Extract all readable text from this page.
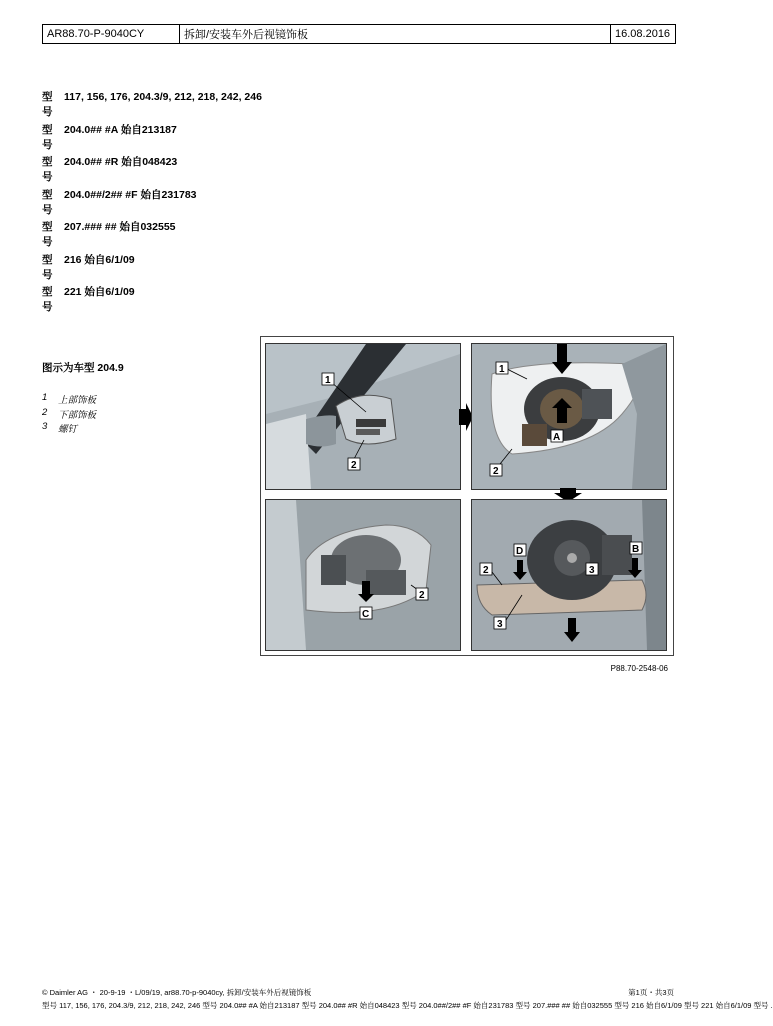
AR88.70-P-9040CY	拆卸/安装车外后视镜饰板	16.08.2016
型号
117, 156, 176, 204.3/9, 212, 218, 242, 246
型号
204.0## #A 始自213187
型号
204.0## #R 始自048423
型号
204.0##/2## #F 始自231783
型号
207.### ## 始自032555
型号
216 始自6/1/09
型号
221 始自6/1/09
图示为车型 204.9
1	上部饰板
2	下部饰板
3	螺钉
1
2
1
A
2
C
2
D	B
2	3
3
P88.70-2548-06
© Daimler AG ・ 20-9-19 ・L/09/19, ar88.70-p-9040cy, 拆卸/安装车外后视镜饰板	第1页・共3页
型号 117, 156, 176, 204.3/9, 212, 218, 242, 246 型号 204.0## #A 始自213187 型号 204.0## #R 始自048423 型号 204.0##/2## #F 始自231783 型号 207.### ## 始自032555 型号 216 始自6/1/09 型号 221 始自6/1/09 型号 .
